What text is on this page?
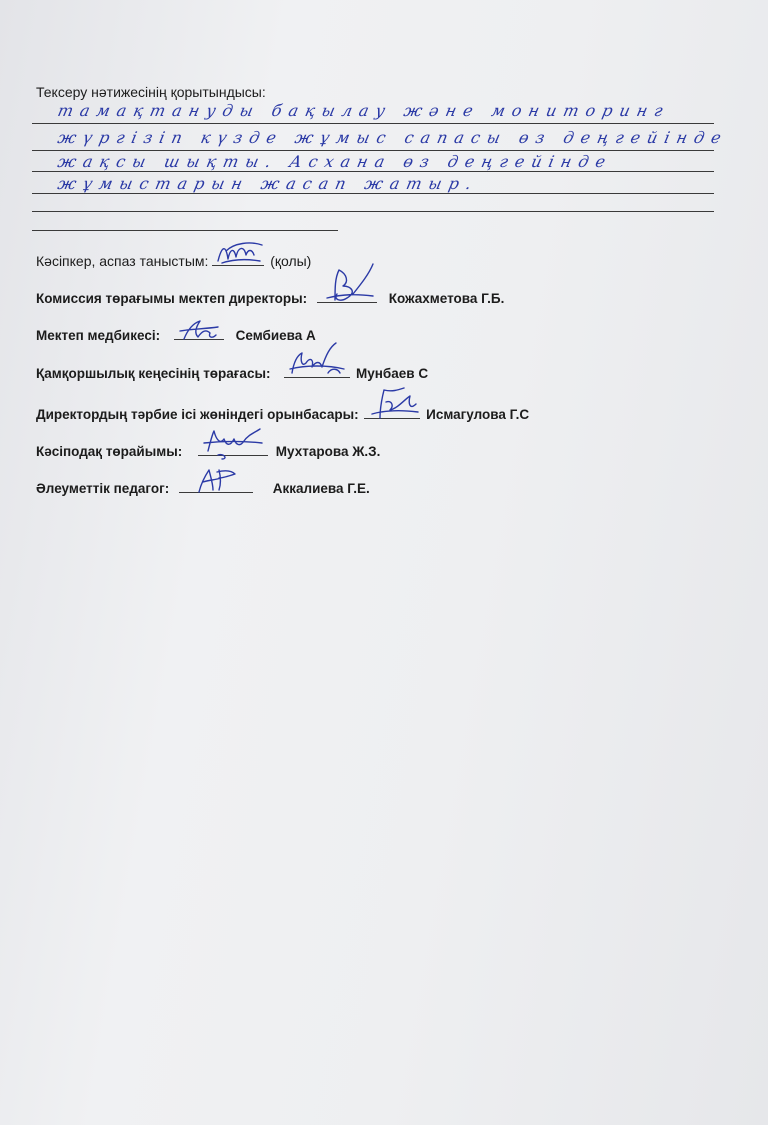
Тексеру нәтижесінің қорытындысы:
тамақтануды бақылау және мониторинг
жүргізіп күзде жұмыс сапасы өз деңгейінде
жақсы шықты. Асхана өз деңгейінде
жұмыстарын жасап жатыр.
Кәсіпкер, аспаз таныстым:	(қолы)
Комиссия төрағымы мектеп директоры:	Кожахметова Г.Б.
Мектеп медбикесі:	Сембиева А
Қамқоршылық кеңесінің төрағасы:	Мунбаев С
Директордың тәрбие ісі жөніндегі орынбасары:	Исмагулова Г.С
Кәсіподақ төрайымы:	Мухтарова Ж.З.
Әлеуметтік педагог:	Аккалиева Г.Е.
